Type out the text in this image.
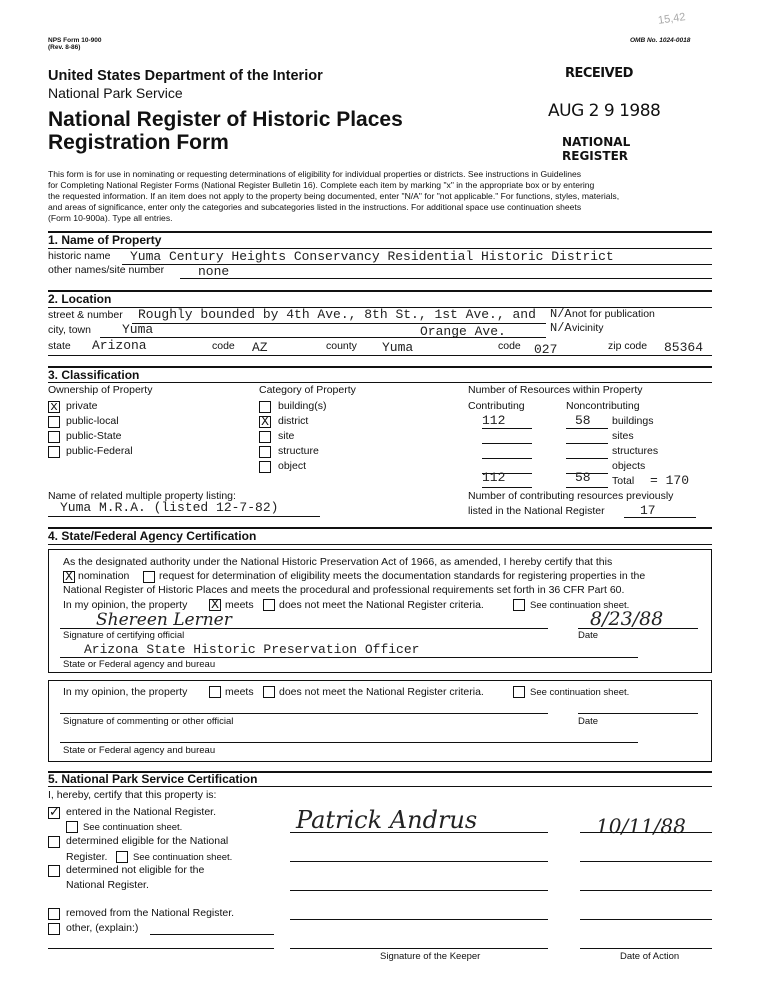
NPS Form 10-900
(Rev. 8-86)
OMB No. 1024-0018
15,42
United States Department of the Interior
National Park Service
National Register of Historic Places
Registration Form
RECEIVED
AUG 2 9 1988
NATIONAL
REGISTER
This form is for use in nominating or requesting determinations of eligibility for individual properties or districts. See instructions in Guidelines
for Completing National Register Forms (National Register Bulletin 16). Complete each item by marking "x" in the appropriate box or by entering
the requested information. If an item does not apply to the property being documented, enter "N/A" for "not applicable." For functions, styles, materials,
and areas of significance, enter only the categories and subcategories listed in the instructions. For additional space use continuation sheets
(Form 10-900a). Type all entries.
1. Name of Property
historic name Yuma Century Heights Conservancy Residential Historic District
other names/site number	none
2. Location
street & number Roughly bounded by 4th Ave., 8th St., 1st Ave., and N/A not for publication
city, town Yuma	Orange Ave.	N/A vicinity
state Arizona	code AZ	county Yuma	code 027	zip code 85364
3. Classification
Ownership of Property
x private
public-local
public-State
public-Federal
Category of Property
building(s)
X district
site
structure
object
Number of Resources within Property
Contributing	Noncontributing
112	58 buildings
sites
structures
objects
112	58 Total = 170
Name of related multiple property listing:
Yuma M.R.A. (listed 12-7-82)
Number of contributing resources previously
listed in the National Register	17
4. State/Federal Agency Certification
As the designated authority under the National Historic Preservation Act of 1966, as amended, I hereby certify that this
X nomination	request for determination of eligibility meets the documentation standards for registering properties in the
National Register of Historic Places and meets the procedural and professional requirements set forth in 36 CFR Part 60.
In my opinion, the property X meets does not meet the National Register criteria.	See continuation sheet.
Shereen Lerner	8/23/88
Signature of certifying official	Date
Arizona State Historic Preservation Officer
State or Federal agency and bureau
In my opinion, the property	meets does not meet the National Register criteria.	See continuation sheet.
Signature of commenting or other official	Date
State or Federal agency and bureau
5. National Park Service Certification
I, hereby, certify that this property is:
✓ entered in the National Register.
See continuation sheet.
determined eligible for the National
Register.	See continuation sheet.
determined not eligible for the
National Register.
removed from the National Register.
other, (explain:)
Patrick Andrus	10/11/88
Signature of the Keeper	Date of Action
